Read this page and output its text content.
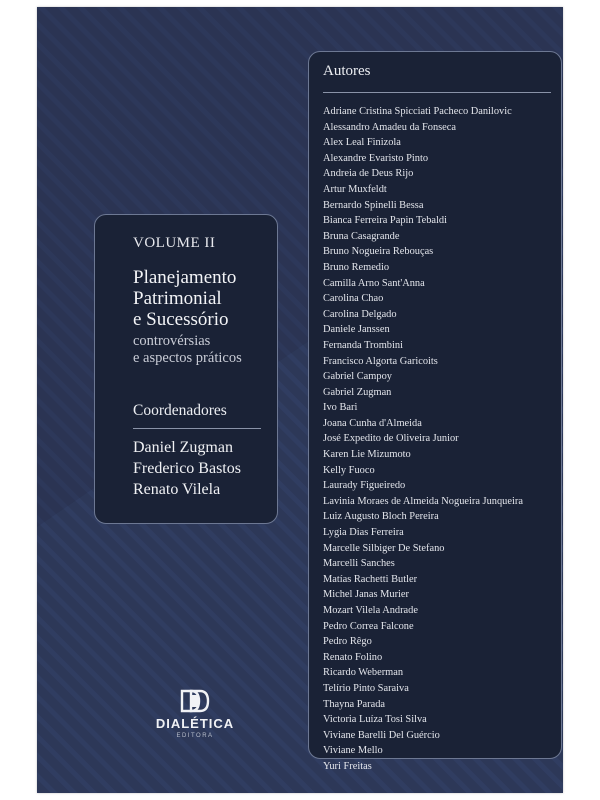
VOLUME II

Planejamento
Patrimonial
e Sucessório

controvérsias
e aspectos práticos

Coordenadores

Daniel Zugman
Frederico Bastos
Renato Vilela

Autores

Adriane Cristina Spicciati Pacheco Danilovic
Alessandro Amadeu da Fonseca
Alex Leal Finizola
Alexandre Evaristo Pinto
Andreia de Deus Rijo
Artur Muxfeldt
Bernardo Spinelli Bessa
Bianca Ferreira Papin Tebaldi
Bruna Casagrande
Bruno Nogueira Rebouças
Bruno Remedio
Camilla Arno Sant'Anna
Carolina Chao
Carolina Delgado
Daniele Janssen
Fernanda Trombini
Francisco Algorta Garicoits
Gabriel Campoy
Gabriel Zugman
Ivo Bari
Joana Cunha d'Almeida
José Expedito de Oliveira Junior
Karen Lie Mizumoto
Kelly Fuoco
Laurady Figueiredo
Lavinia Moraes de Almeida Nogueira Junqueira
Luiz Augusto Bloch Pereira
Lygia Dias Ferreira
Marcelle Silbiger De Stefano
Marcelli Sanches
Matías Rachetti Butler
Michel Janas Murier
Mozart Vilela Andrade
Pedro Correa Falcone
Pedro Rêgo
Renato Folino
Ricardo Weberman
Telírio Pinto Saraiva
Thayna Parada
Victoria Luíza Tosi Silva
Viviane Barelli Del Guércio
Viviane Mello
Yuri Freitas
DIALÉTICA
EDITORA
